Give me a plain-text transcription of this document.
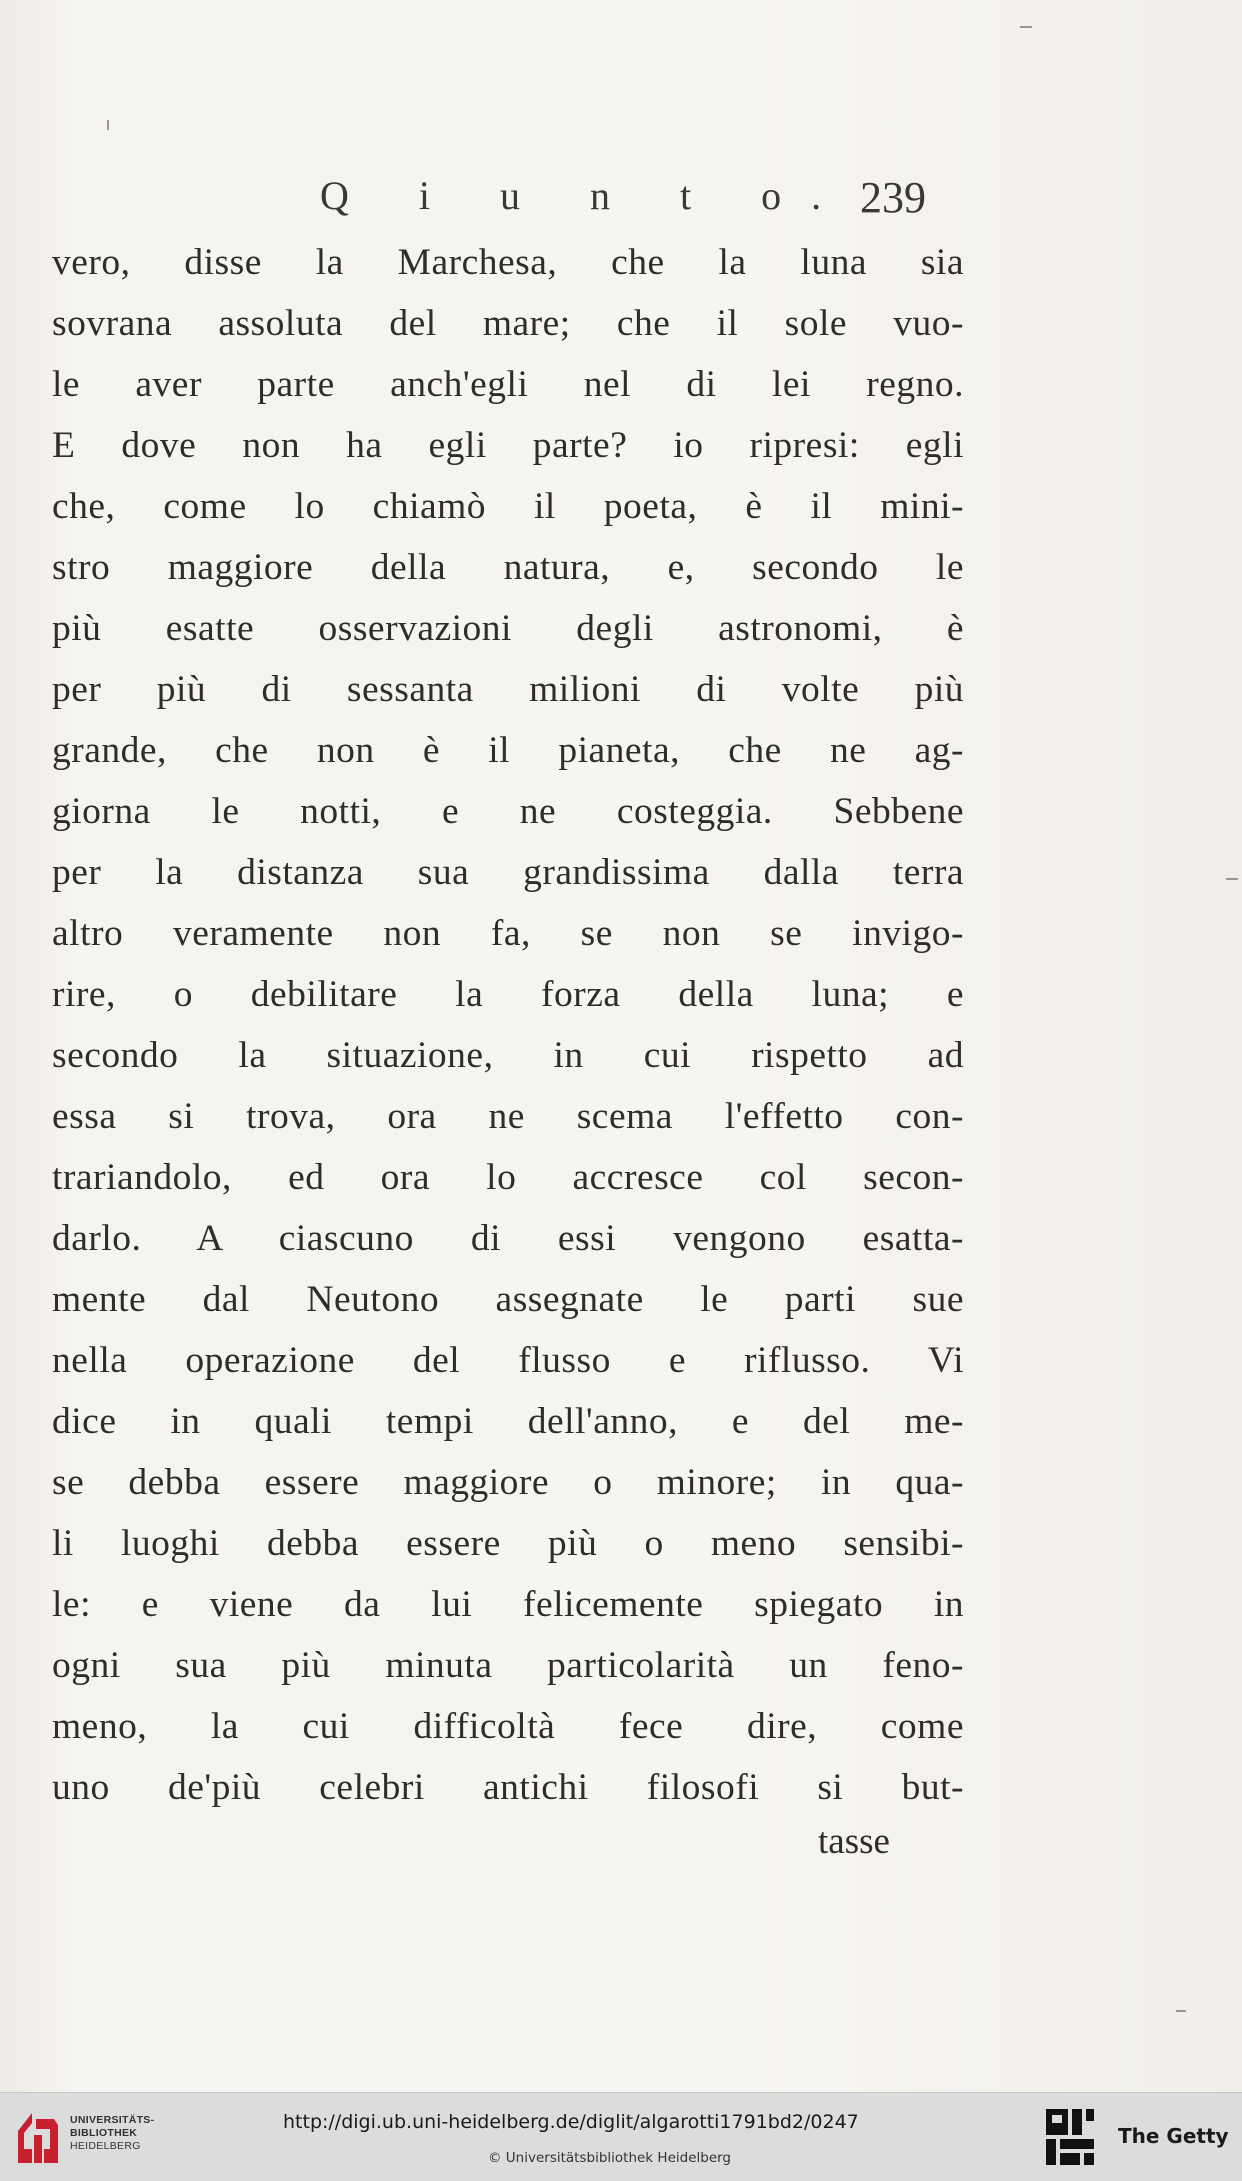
Q i u n t o. 239
vero, disse la Marchesa, che la luna sia
sovrana assoluta del mare; che il sole vuo-
le aver parte anch'egli nel di lei regno.
E dove non ha egli parte? io ripresi: egli
che, come lo chiamò il poeta, è il mini-
stro maggiore della natura, e, secondo le
più esatte osservazioni degli astronomi, è
per più di sessanta milioni di volte più
grande, che non è il pianeta, che ne ag-
giorna le notti, e ne costeggia. Sebbene
per la distanza sua grandissima dalla terra
altro veramente non fa, se non se invigo-
rire, o debilitare la forza della luna; e
secondo la situazione, in cui rispetto ad
essa si trova, ora ne scema l'effetto con-
trariandolo, ed ora lo accresce col secon-
darlo. A ciascuno di essi vengono esatta-
mente dal Neutono assegnate le parti sue
nella operazione del flusso e riflusso. Vi
dice in quali tempi dell'anno, e del me-
se debba essere maggiore o minore; in qua-
li luoghi debba essere più o meno sensibi-
le: e viene da lui felicemente spiegato in
ogni sua più minuta particolarità un feno-
meno, la cui difficoltà fece dire, come
uno de'più celebri antichi filosofi si but-
tasse
UNIVERSITÄTS-
BIBLIOTHEK
HEIDELBERG
http://digi.ub.uni-heidelberg.de/diglit/algarotti1791bd2/0247
© Universitätsbibliothek Heidelberg
The Getty
